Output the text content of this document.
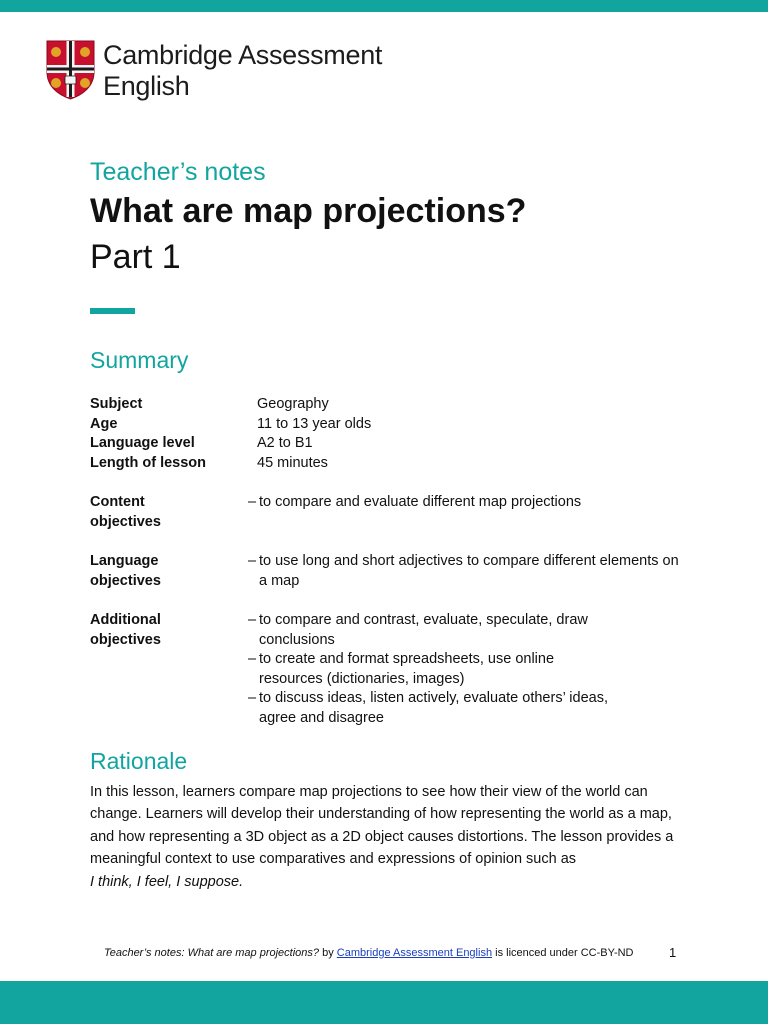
Cambridge Assessment
English
Teacher’s notes
What are map projections?
Part 1
Summary
Subject	Geography
Age	11 to 13 year olds
Language level	A2 to B1
Length of lesson	45 minutes
Content
objectives
– to compare and evaluate different map projections
Language
objectives
– to use long and short adjectives to compare different elements on a map
Additional
objectives
– to compare and contrast, evaluate, speculate, draw conclusions
– to create and format spreadsheets, use online resources (dictionaries, images)
– to discuss ideas, listen actively, evaluate others’ ideas, agree and disagree
Rationale
In this lesson, learners compare map projections to see how their view of the world can change. Learners will develop their understanding of how representing the world as a map, and how representing a 3D object as a 2D object causes distortions. The lesson provides a meaningful context to use comparatives and expressions of opinion such as
I think, I feel, I suppose.
Teacher’s notes: What are map projections? by Cambridge Assessment English is licenced under CC-BY-ND	1
